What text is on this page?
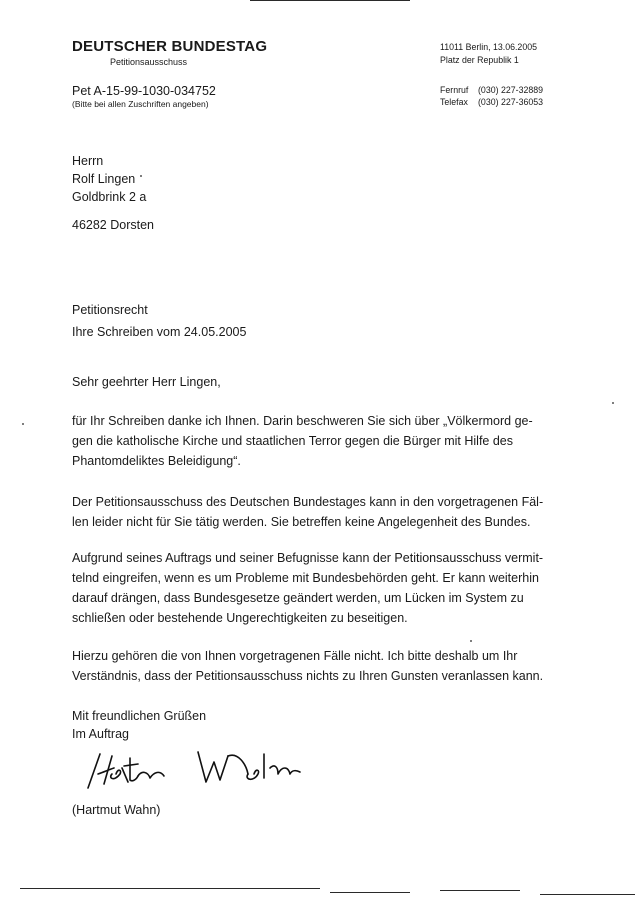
DEUTSCHER BUNDESTAG
Petitionsausschuss
Pet A-15-99-1030-034752
(Bitte bei allen Zuschriften angeben)
11011 Berlin, 13.06.2005
Platz der Republik 1
Fernruf (030) 227-32889
Telefax (030) 227-36053
Herrn
Rolf Lingen
Goldbrink 2 a
46282 Dorsten
Petitionsrecht
Ihre Schreiben vom 24.05.2005
Sehr geehrter Herr Lingen,
für Ihr Schreiben danke ich Ihnen. Darin beschweren Sie sich über „Völkermord ge-
gen die katholische Kirche und staatlichen Terror gegen die Bürger mit Hilfe des
Phantomdeliktes Beleidigung“.
Der Petitionsausschuss des Deutschen Bundestages kann in den vorgetragenen Fäl-
len leider nicht für Sie tätig werden. Sie betreffen keine Angelegenheit des Bundes.
Aufgrund seines Auftrags und seiner Befugnisse kann der Petitionsausschuss vermit-
telnd eingreifen, wenn es um Probleme mit Bundesbehörden geht. Er kann weiterhin
darauf drängen, dass Bundesgesetze geändert werden, um Lücken im System zu
schließen oder bestehende Ungerechtigkeiten zu beseitigen.
Hierzu gehören die von Ihnen vorgetragenen Fälle nicht. Ich bitte deshalb um Ihr
Verständnis, dass der Petitionsausschuss nichts zu Ihren Gunsten veranlassen kann.
Mit freundlichen Grüßen
Im Auftrag
(Hartmut Wahn)
